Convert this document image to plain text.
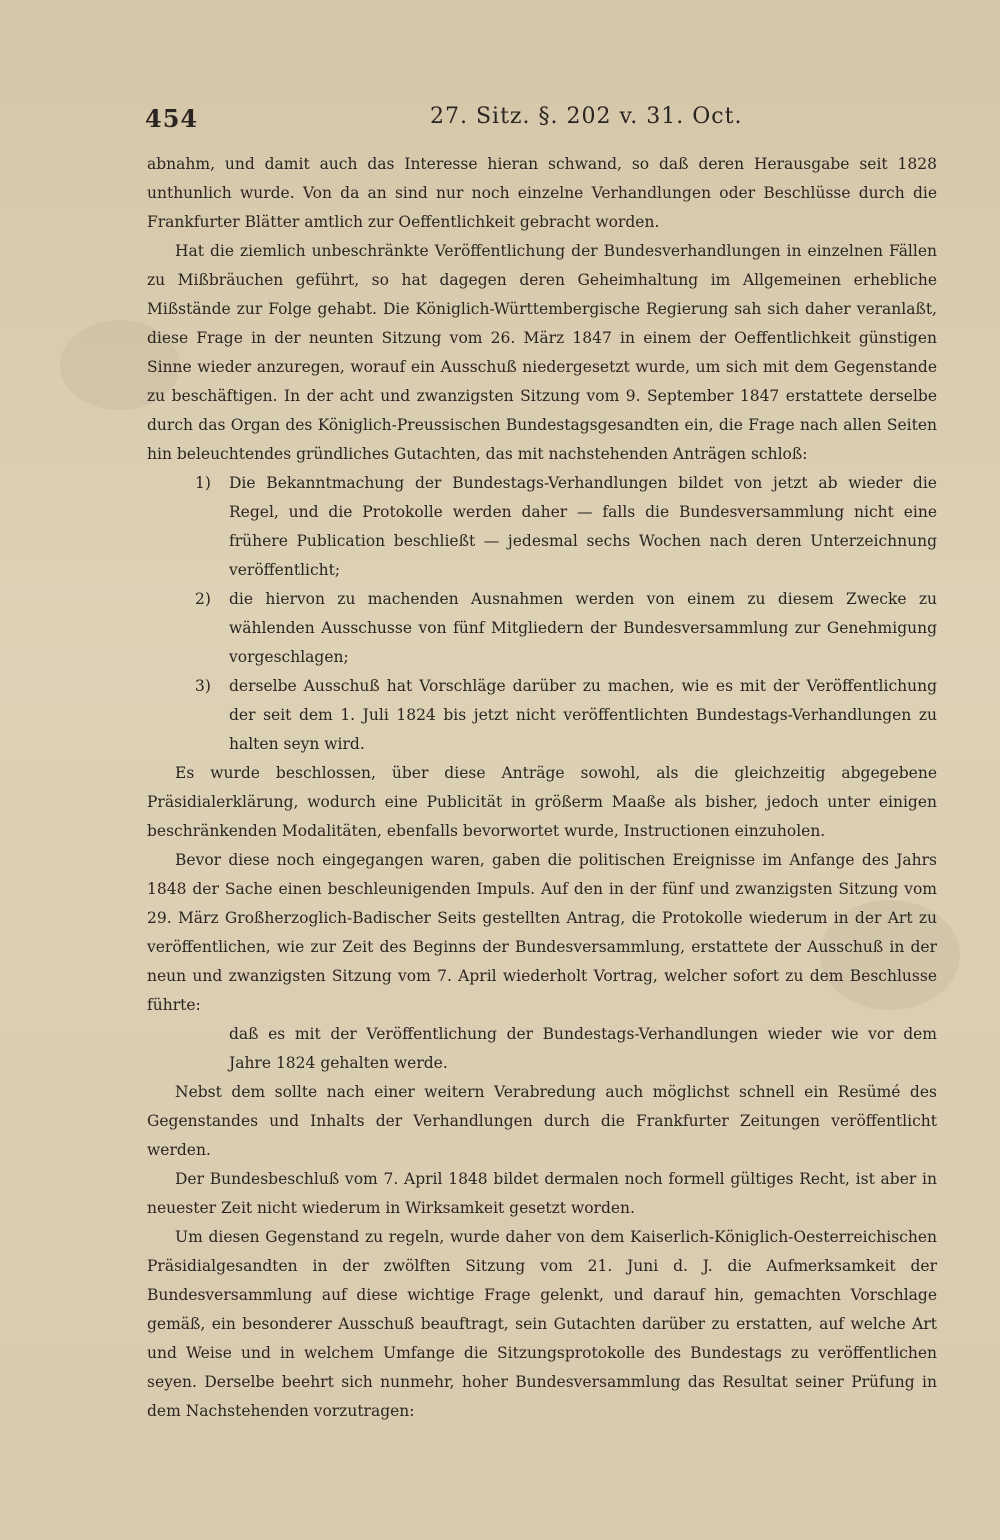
454	27. Sitz. §. 202 v. 31. Oct.

abnahm, und damit auch das Interesse hieran schwand, so daß deren Herausgabe seit 1828 unthunlich wurde. Von da an sind nur noch einzelne Verhandlungen oder Beschlüsse durch die Frankfurter Blätter amtlich zur Oeffentlichkeit gebracht worden.

Hat die ziemlich unbeschränkte Veröffentlichung der Bundesverhandlungen in einzelnen Fällen zu Mißbräuchen geführt, so hat dagegen deren Geheimhaltung im Allgemeinen erhebliche Mißstände zur Folge gehabt. Die Königlich-Württembergische Regierung sah sich daher veranlaßt, diese Frage in der neunten Sitzung vom 26. März 1847 in einem der Oeffentlichkeit günstigen Sinne wieder anzuregen, worauf ein Ausschuß niedergesetzt wurde, um sich mit dem Gegenstande zu beschäftigen. In der acht und zwanzigsten Sitzung vom 9. September 1847 erstattete derselbe durch das Organ des Königlich-Preussischen Bundestagsgesandten ein, die Frage nach allen Seiten hin beleuchtendes gründliches Gutachten, das mit nachstehenden Anträgen schloß:

1) Die Bekanntmachung der Bundestags-Verhandlungen bildet von jetzt ab wieder die Regel, und die Protokolle werden daher — falls die Bundesversammlung nicht eine frühere Publication beschließt — jedesmal sechs Wochen nach deren Unterzeichnung veröffentlicht;
2) die hiervon zu machenden Ausnahmen werden von einem zu diesem Zwecke zu wählenden Ausschusse von fünf Mitgliedern der Bundesversammlung zur Genehmigung vorgeschlagen;
3) derselbe Ausschuß hat Vorschläge darüber zu machen, wie es mit der Veröffentlichung der seit dem 1. Juli 1824 bis jetzt nicht veröffentlichten Bundestags-Verhandlungen zu halten seyn wird.

Es wurde beschlossen, über diese Anträge sowohl, als die gleichzeitig abgegebene Präsidialerklärung, wodurch eine Publicität in größerm Maaße als bisher, jedoch unter einigen beschränkenden Modalitäten, ebenfalls bevorwortet wurde, Instructionen einzuholen.

Bevor diese noch eingegangen waren, gaben die politischen Ereignisse im Anfange des Jahrs 1848 der Sache einen beschleunigenden Impuls. Auf den in der fünf und zwanzigsten Sitzung vom 29. März Großherzoglich-Badischer Seits gestellten Antrag, die Protokolle wiederum in der Art zu veröffentlichen, wie zur Zeit des Beginns der Bundesversammlung, erstattete der Ausschuß in der neun und zwanzigsten Sitzung vom 7. April wiederholt Vortrag, welcher sofort zu dem Beschlusse führte:

daß es mit der Veröffentlichung der Bundestags-Verhandlungen wieder wie vor dem Jahre 1824 gehalten werde.

Nebst dem sollte nach einer weitern Verabredung auch möglichst schnell ein Resümé des Gegenstandes und Inhalts der Verhandlungen durch die Frankfurter Zeitungen veröffentlicht werden.

Der Bundesbeschluß vom 7. April 1848 bildet dermalen noch formell gültiges Recht, ist aber in neuester Zeit nicht wiederum in Wirksamkeit gesetzt worden.

Um diesen Gegenstand zu regeln, wurde daher von dem Kaiserlich-Königlich-Oesterreichischen Präsidialgesandten in der zwölften Sitzung vom 21. Juni d. J. die Aufmerksamkeit der Bundesversammlung auf diese wichtige Frage gelenkt, und darauf hin, gemachten Vorschlage gemäß, ein besonderer Ausschuß beauftragt, sein Gutachten darüber zu erstatten, auf welche Art und Weise und in welchem Umfange die Sitzungsprotokolle des Bundestags zu veröffentlichen seyen. Derselbe beehrt sich nunmehr, hoher Bundesversammlung das Resultat seiner Prüfung in dem Nachstehenden vorzutragen:
